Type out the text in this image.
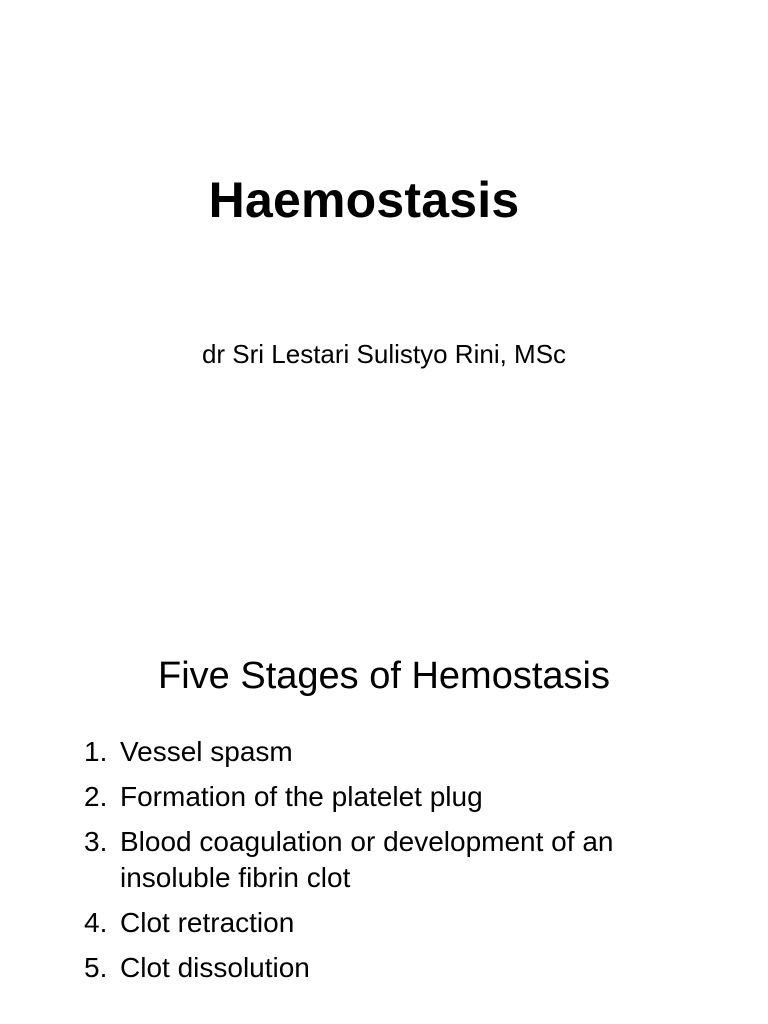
Haemostasis
dr Sri Lestari Sulistyo Rini, MSc
Five Stages of Hemostasis
1. Vessel spasm
2. Formation of the platelet plug
3. Blood coagulation or development of an insoluble fibrin clot
4. Clot retraction
5. Clot dissolution
